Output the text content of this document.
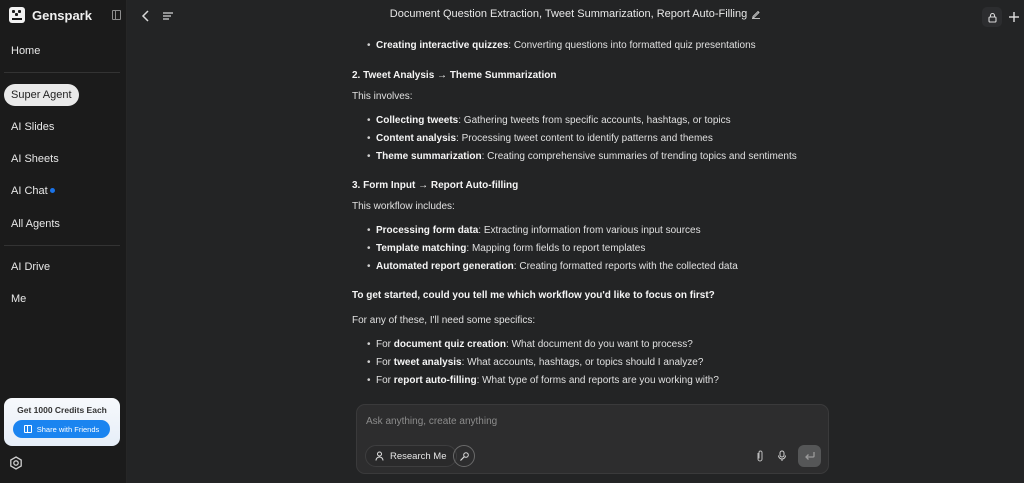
Genspark
Home
Super Agent
AI Slides
AI Sheets
AI Chat
All Agents
AI Drive
Me
Get 1000 Credits Each
Share with Friends
Document Question Extraction, Tweet Summarization, Report Auto-Filling
• Creating interactive quizzes: Converting questions into formatted quiz presentations
2. Tweet Analysis → Theme Summarization
This involves:
• Collecting tweets: Gathering tweets from specific accounts, hashtags, or topics
• Content analysis: Processing tweet content to identify patterns and themes
• Theme summarization: Creating comprehensive summaries of trending topics and sentiments
3. Form Input → Report Auto-filling
This workflow includes:
• Processing form data: Extracting information from various input sources
• Template matching: Mapping form fields to report templates
• Automated report generation: Creating formatted reports with the collected data
To get started, could you tell me which workflow you'd like to focus on first?
For any of these, I'll need some specifics:
• For document quiz creation: What document do you want to process?
• For tweet analysis: What accounts, hashtags, or topics should I analyze?
• For report auto-filling: What type of forms and reports are you working with?
Ask anything, create anything
Research Me
